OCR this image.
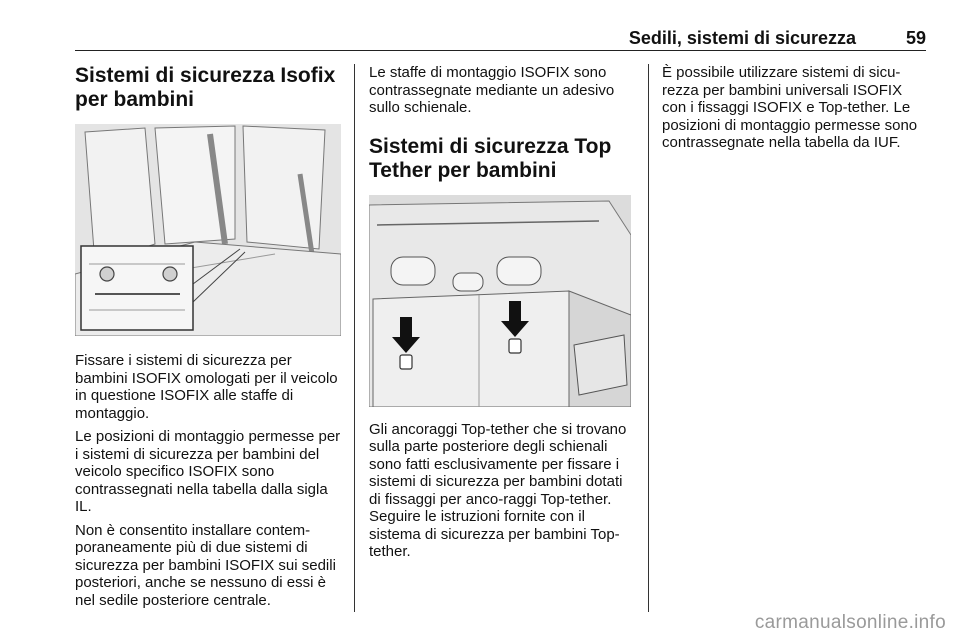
Sedili, sistemi di sicurezza	59
Sistemi di sicurezza Isofix per bambini

Fissare i sistemi di sicurezza per bambini ISOFIX omologati per il veicolo in questione ISOFIX alle staffe di montaggio.

Le posizioni di montaggio permesse per i sistemi di sicurezza per bambini del veicolo specifico ISOFIX sono contrassegnati nella tabella dalla sigla IL.

Non è consentito installare contem-poraneamente più di due sistemi di sicurezza per bambini ISOFIX sui sedili posteriori, anche se nessuno di essi è nel sedile posteriore centrale.

Le staffe di montaggio ISOFIX sono contrassegnate mediante un adesivo sullo schienale.

Sistemi di sicurezza Top Tether per bambini

Gli ancoraggi Top-tether che si trovano sulla parte posteriore degli schienali sono fatti esclusivamente per fissare i sistemi di sicurezza per bambini dotati di fissaggi per anco-raggi Top-tether. Seguire le istruzioni fornite con il sistema di sicurezza per bambini Top-tether.

È possibile utilizzare sistemi di sicu-rezza per bambini universali ISOFIX con i fissaggi ISOFIX e Top-tether. Le posizioni di montaggio permesse sono contrassegnate nella tabella da IUF.

carmanualsonline.info
